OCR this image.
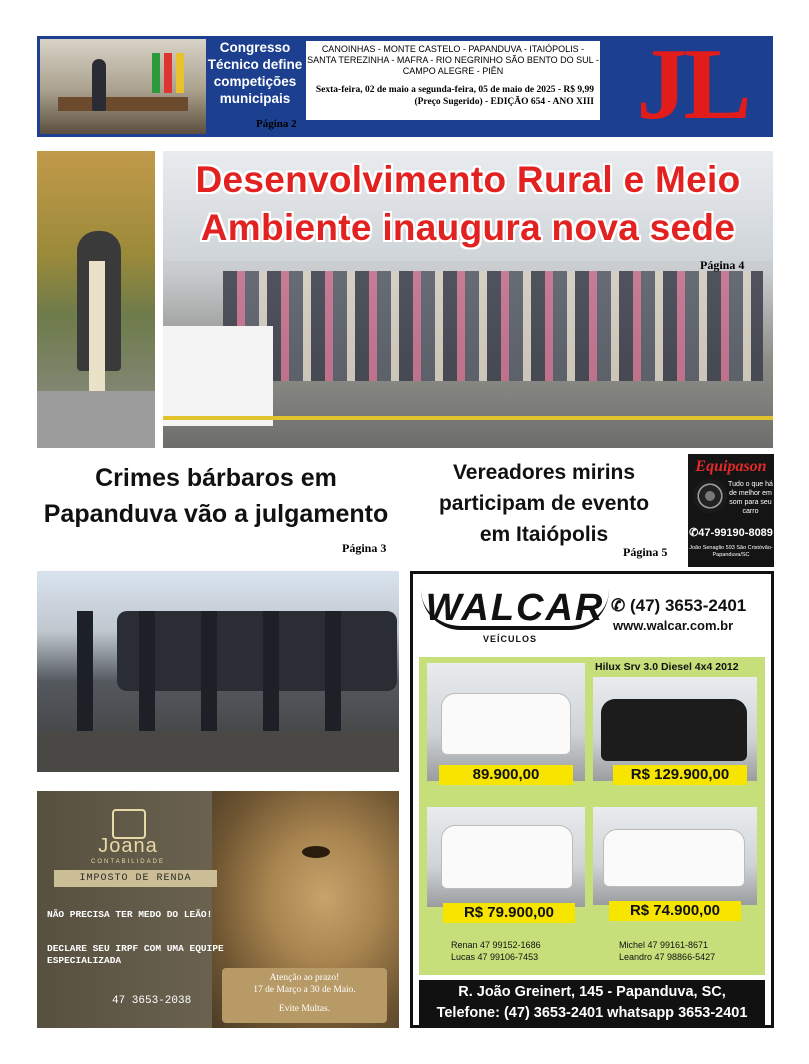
Congresso Técnico define competições municipais
Página 2
CANOINHAS - MONTE CASTELO - PAPANDUVA - ITAIÓPOLIS - SANTA TEREZINHA - MAFRA - RIO NEGRINHO SÃO BENTO DO SUL - CAMPO ALEGRE - PIÊN
Sexta-feira, 02 de maio a segunda-feira, 05 de maio de 2025 - R$ 9,99 (Preço Sugerido) - EDIÇÃO 654 - ANO XIII JL
Desenvolvimento Rural e Meio Ambiente inaugura nova sede
Página 4
Crimes bárbaros em Papanduva vão a julgamento
Página 3
Vereadores mirins participam de evento em Itaiópolis
Página 5
Equipason
Tudo o que há de melhor em som para seu carro
✆47-99190-8089
João Senaglio 593 São Cristóvão-Papanduva/SC
Joana
CONTABILIDADE
IMPOSTO DE RENDA
NÃO PRECISA TER MEDO DO LEÃO!
DECLARE SEU IRPF COM UMA EQUIPE ESPECIALIZADA
47 3653-2038
Atenção ao prazo!
17 de Março a 30 de Maio.
Evite Multas.
WALCAR
VEÍCULOS
✆ (47) 3653-2401
www.walcar.com.br
89.900,00
Hilux Srv 3.0 Diesel 4x4 2012
R$ 129.900,00
R$ 79.900,00	R$ 74.900,00
Renan 47 99152-1686
Lucas 47 99106-7453
Michel 47 99161-8671
Leandro 47 98866-5427
R. João Greinert, 145 - Papanduva, SC,
Telefone: (47) 3653-2401 whatsapp 3653-2401
